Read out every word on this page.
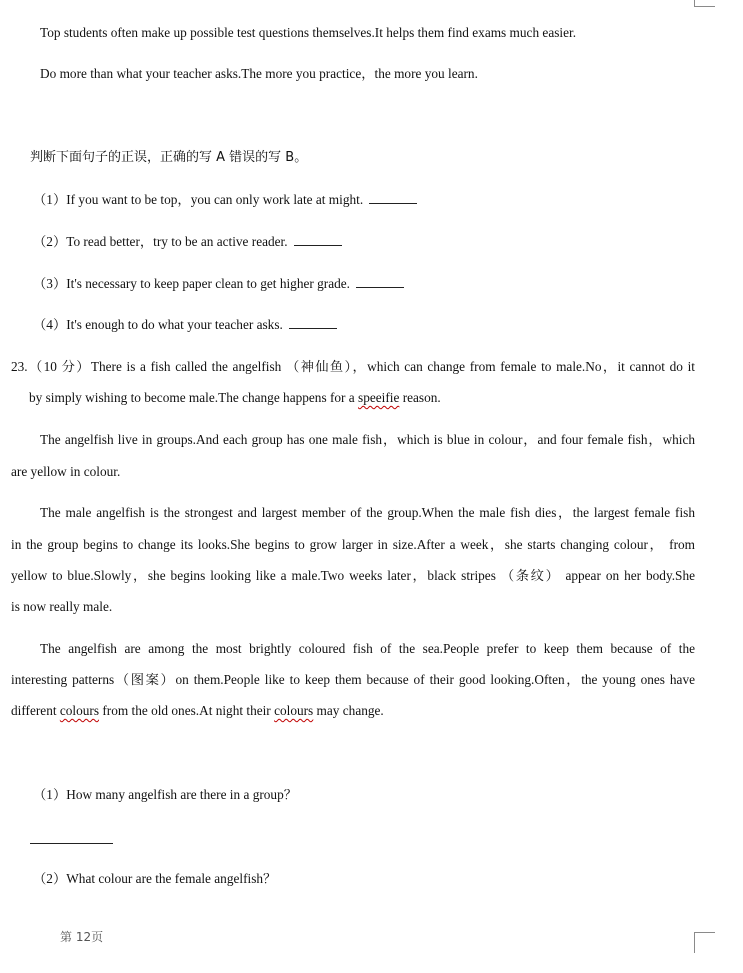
Top students often make up possible test questions themselves.It helps them find exams much easier.
Do more than what your teacher asks.The more you practice，the more you learn.
判断下面句子的正误，正确的写 A 错误的写 B。
（1）If you want to be top，you can only work late at might.
（2）To read better，try to be an active reader.
（3）It's necessary to keep paper clean to get higher grade.
（4）It's enough to do what your teacher asks.
23.（10 分）There is a fish called the angelfish （神仙鱼），which can change from female to male.No，it cannot do it
by simply wishing to become male.The change happens for a speeifie reason.
The angelfish live in groups.And each group has one male fish，which is blue in colour，and four female fish，which
are yellow in colour.
The male angelfish is the strongest and largest member of the group.When the male fish dies，the largest female fish
in the group begins to change its looks.She begins to grow larger in size.After a week，she starts changing colour， from
yellow to blue.Slowly，she begins looking like a male.Two weeks later，black stripes （条纹） appear on her body.She
is now really male.
The angelfish are among the most brightly coloured fish of the sea.People prefer to keep them because of the
interesting patterns（图案）on them.People like to keep them because of their good looking.Often，the young ones have
different colours from the old ones.At night their colours may change.
（1）How many angelfish are there in a group？
（2）What colour are the female angelfish？
第 12页
